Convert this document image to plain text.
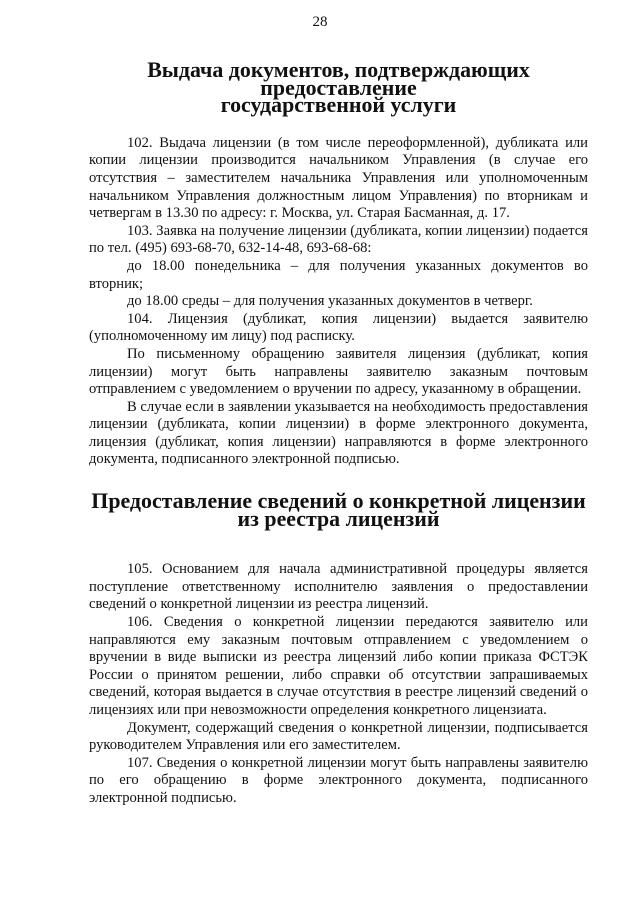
28
Выдача документов, подтверждающих предоставление
государственной услуги

102. Выдача лицензии (в том числе переоформленной), дубликата или копии лицензии производится начальником Управления (в случае его отсутствия – заместителем начальника Управления или уполномоченным начальником Управления должностным лицом Управления) по вторникам и четвергам в 13.30 по адресу: г. Москва, ул. Старая Басманная, д. 17.

103. Заявка на получение лицензии (дубликата, копии лицензии) подается по тел. (495) 693-68-70, 632-14-48, 693-68-68:

до 18.00 понедельника – для получения указанных документов во вторник;

до 18.00 среды – для получения указанных документов в четверг.

104. Лицензия (дубликат, копия лицензии) выдается заявителю (уполномоченному им лицу) под расписку.

По письменному обращению заявителя лицензия (дубликат, копия лицензии) могут быть направлены заявителю заказным почтовым отправлением с уведомлением о вручении по адресу, указанному в обращении.

В случае если в заявлении указывается на необходимость предоставления лицензии (дубликата, копии лицензии) в форме электронного документа, лицензия (дубликат, копия лицензии) направляются в форме электронного документа, подписанного электронной подписью.

Предоставление сведений о конкретной лицензии
из реестра лицензий

105. Основанием для начала административной процедуры является поступление ответственному исполнителю заявления о предоставлении сведений о конкретной лицензии из реестра лицензий.

106. Сведения о конкретной лицензии передаются заявителю или направляются ему заказным почтовым отправлением с уведомлением о вручении в виде выписки из реестра лицензий либо копии приказа ФСТЭК России о принятом решении, либо справки об отсутствии запрашиваемых сведений, которая выдается в случае отсутствия в реестре лицензий сведений о лицензиях или при невозможности определения конкретного лицензиата.

Документ, содержащий сведения о конкретной лицензии, подписывается руководителем Управления или его заместителем.

107. Сведения о конкретной лицензии могут быть направлены заявителю по его обращению в форме электронного документа, подписанного электронной подписью.
